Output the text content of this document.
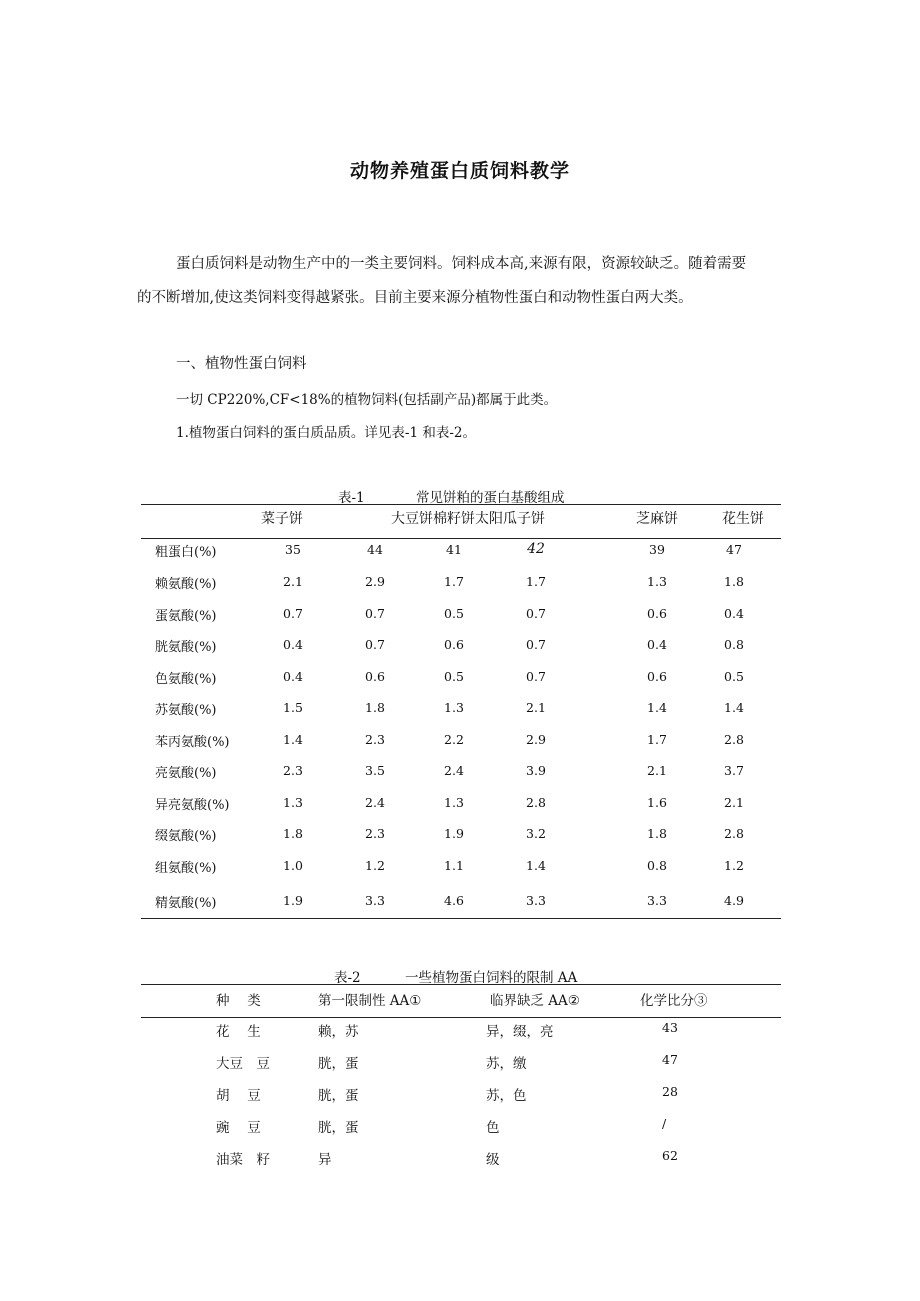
动物养殖蛋白质饲料教学
蛋白质饲料是动物生产中的一类主要饲料。饲料成本高,来源有限，资源较缺乏。随着需要
的不断增加,使这类饲料变得越紧张。目前主要来源分植物性蛋白和动物性蛋白两大类。
一、植物性蛋白饲料
一切 CP220%,CF<18%的植物饲料(包括副产品)都属于此类。
1.植物蛋白饲料的蛋白质品质。详见表-1 和表-2。
表-1	常见饼粕的蛋白基酸组成
菜子饼	大豆饼棉籽饼太阳瓜子饼	芝麻饼	花生饼
粗蛋白(%)	35	44	41	42	39	47
赖氨酸(%)	2.1	2.9	1.7	1.7	1.3	1.8
蛋氨酸(%)	0.7	0.7	0.5	0.7	0.6	0.4
胱氨酸(%)	0.4	0.7	0.6	0.7	0.4	0.8
色氨酸(%)	0.4	0.6	0.5	0.7	0.6	0.5
苏氨酸(%)	1.5	1.8	1.3	2.1	1.4	1.4
苯丙氨酸(%)	1.4	2.3	2.2	2.9	1.7	2.8
亮氨酸(%)	2.3	3.5	2.4	3.9	2.1	3.7
异亮氨酸(%)	1.3	2.4	1.3	2.8	1.6	2.1
缀氨酸(%)	1.8	2.3	1.9	3.2	1.8	2.8
组氨酸(%)	1.0	1.2	1.1	1.4	0.8	1.2
精氨酸(%)	1.9	3.3	4.6	3.3	3.3	4.9
表-2	一些植物蛋白饲料的限制 AA
种　 类	第一限制性 AA①	临界缺乏 AA②	化学比分③
花　 生	赖，苏	异，缀，亮	43
大豆　豆	胱，蛋	苏，缴	47
胡　 豆	胱，蛋	苏，色	28
豌　 豆	胱，蛋	色	/
油菜　籽	异	级	62
